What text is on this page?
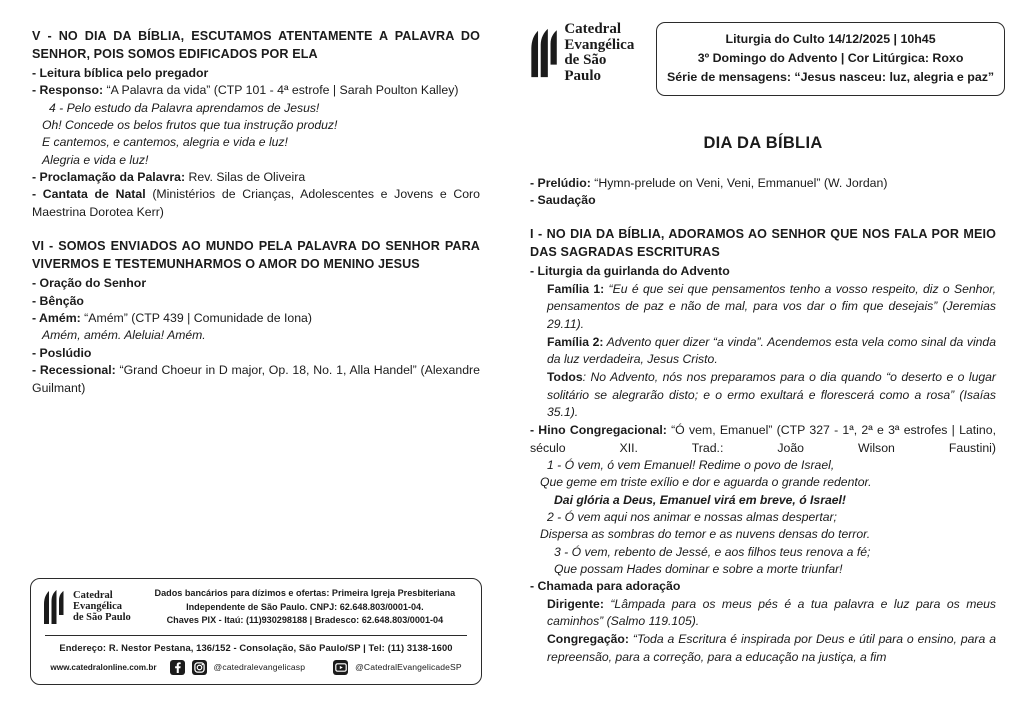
V - NO DIA DA BÍBLIA, ESCUTAMOS ATENTAMENTE A PALAVRA DO SENHOR, POIS SOMOS EDIFICADOS POR ELA
- Leitura bíblica pelo pregador
- Responso: “A Palavra da vida” (CTP 101 - 4ª estrofe | Sarah Poulton Kalley)
4 - Pelo estudo da Palavra aprendamos de Jesus!
Oh! Concede os belos frutos que tua instrução produz!
E cantemos, e cantemos, alegria e vida e luz!
Alegria e vida e luz!
- Proclamação da Palavra: Rev. Silas de Oliveira
- Cantata de Natal (Ministérios de Crianças, Adolescentes e Jovens e Coro Maestrina Dorotea Kerr)
VI - SOMOS ENVIADOS AO MUNDO PELA PALAVRA DO SENHOR PARA VIVERMOS E TESTEMUNHARMOS O AMOR DO MENINO JESUS
- Oração do Senhor
- Bênção
- Amém: “Amém” (CTP 439 | Comunidade de Iona)
Amém, amém. Aleluia! Amém.
- Poslúdio
- Recessional: “Grand Choeur in D major, Op. 18, No. 1, Alla Handel” (Alexandre Guilmant)
Catedral
Evangélica
de São Paulo
Dados bancários para dízimos e ofertas: Primeira Igreja Presbiteriana
Independente de São Paulo. CNPJ: 62.648.803/0001-04.
Chaves PIX - Itaú: (11)930298188 | Bradesco: 62.648.803/0001-04
Endereço: R. Nestor Pestana, 136/152 - Consolação, São Paulo/SP | Tel: (11) 3138-1600
www.catedralonline.com.br	@catedralevangelicasp	@CatedralEvangelicadeSP
Catedral
Evangélica
de São Paulo
Liturgia do Culto 14/12/2025 | 10h45
3º Domingo do Advento | Cor Litúrgica: Roxo
Série de mensagens: “Jesus nasceu: luz, alegria e paz”
DIA DA BÍBLIA
- Prelúdio: “Hymn-prelude on Veni, Veni, Emmanuel” (W. Jordan)
- Saudação
I - NO DIA DA BÍBLIA, ADORAMOS AO SENHOR QUE NOS FALA POR MEIO DAS SAGRADAS ESCRITURAS
- Liturgia da guirlanda do Advento
Família 1: “Eu é que sei que pensamentos tenho a vosso respeito, diz o Senhor, pensamentos de paz e não de mal, para vos dar o fim que desejais” (Jeremias 29.11).
Família 2: Advento quer dizer “a vinda”. Acendemos esta vela como sinal da vinda da luz verdadeira, Jesus Cristo.
Todos: No Advento, nós nos preparamos para o dia quando “o deserto e o lugar solitário se alegrarão disto; e o ermo exultará e florescerá como a rosa” (Isaías 35.1).
- Hino Congregacional: “Ó vem, Emanuel” (CTP 327 - 1ª, 2ª e 3ª estrofes | Latino, século XII. Trad.: João Wilson Faustini)
1 - Ó vem, ó vem Emanuel! Redime o povo de Israel,
Que geme em triste exílio e dor e aguarda o grande redentor.
Dai glória a Deus, Emanuel virá em breve, ó Israel!
2 - Ó vem aqui nos animar e nossas almas despertar;
Dispersa as sombras do temor e as nuvens densas do terror.
3 - Ó vem, rebento de Jessé, e aos filhos teus renova a fé;
Que possam Hades dominar e sobre a morte triunfar!
- Chamada para adoração
Dirigente: “Lâmpada para os meus pés é a tua palavra e luz para os meus caminhos” (Salmo 119.105).
Congregação: “Toda a Escritura é inspirada por Deus e útil para o ensino, para a repreensão, para a correção, para a educação na justiça, a fim
